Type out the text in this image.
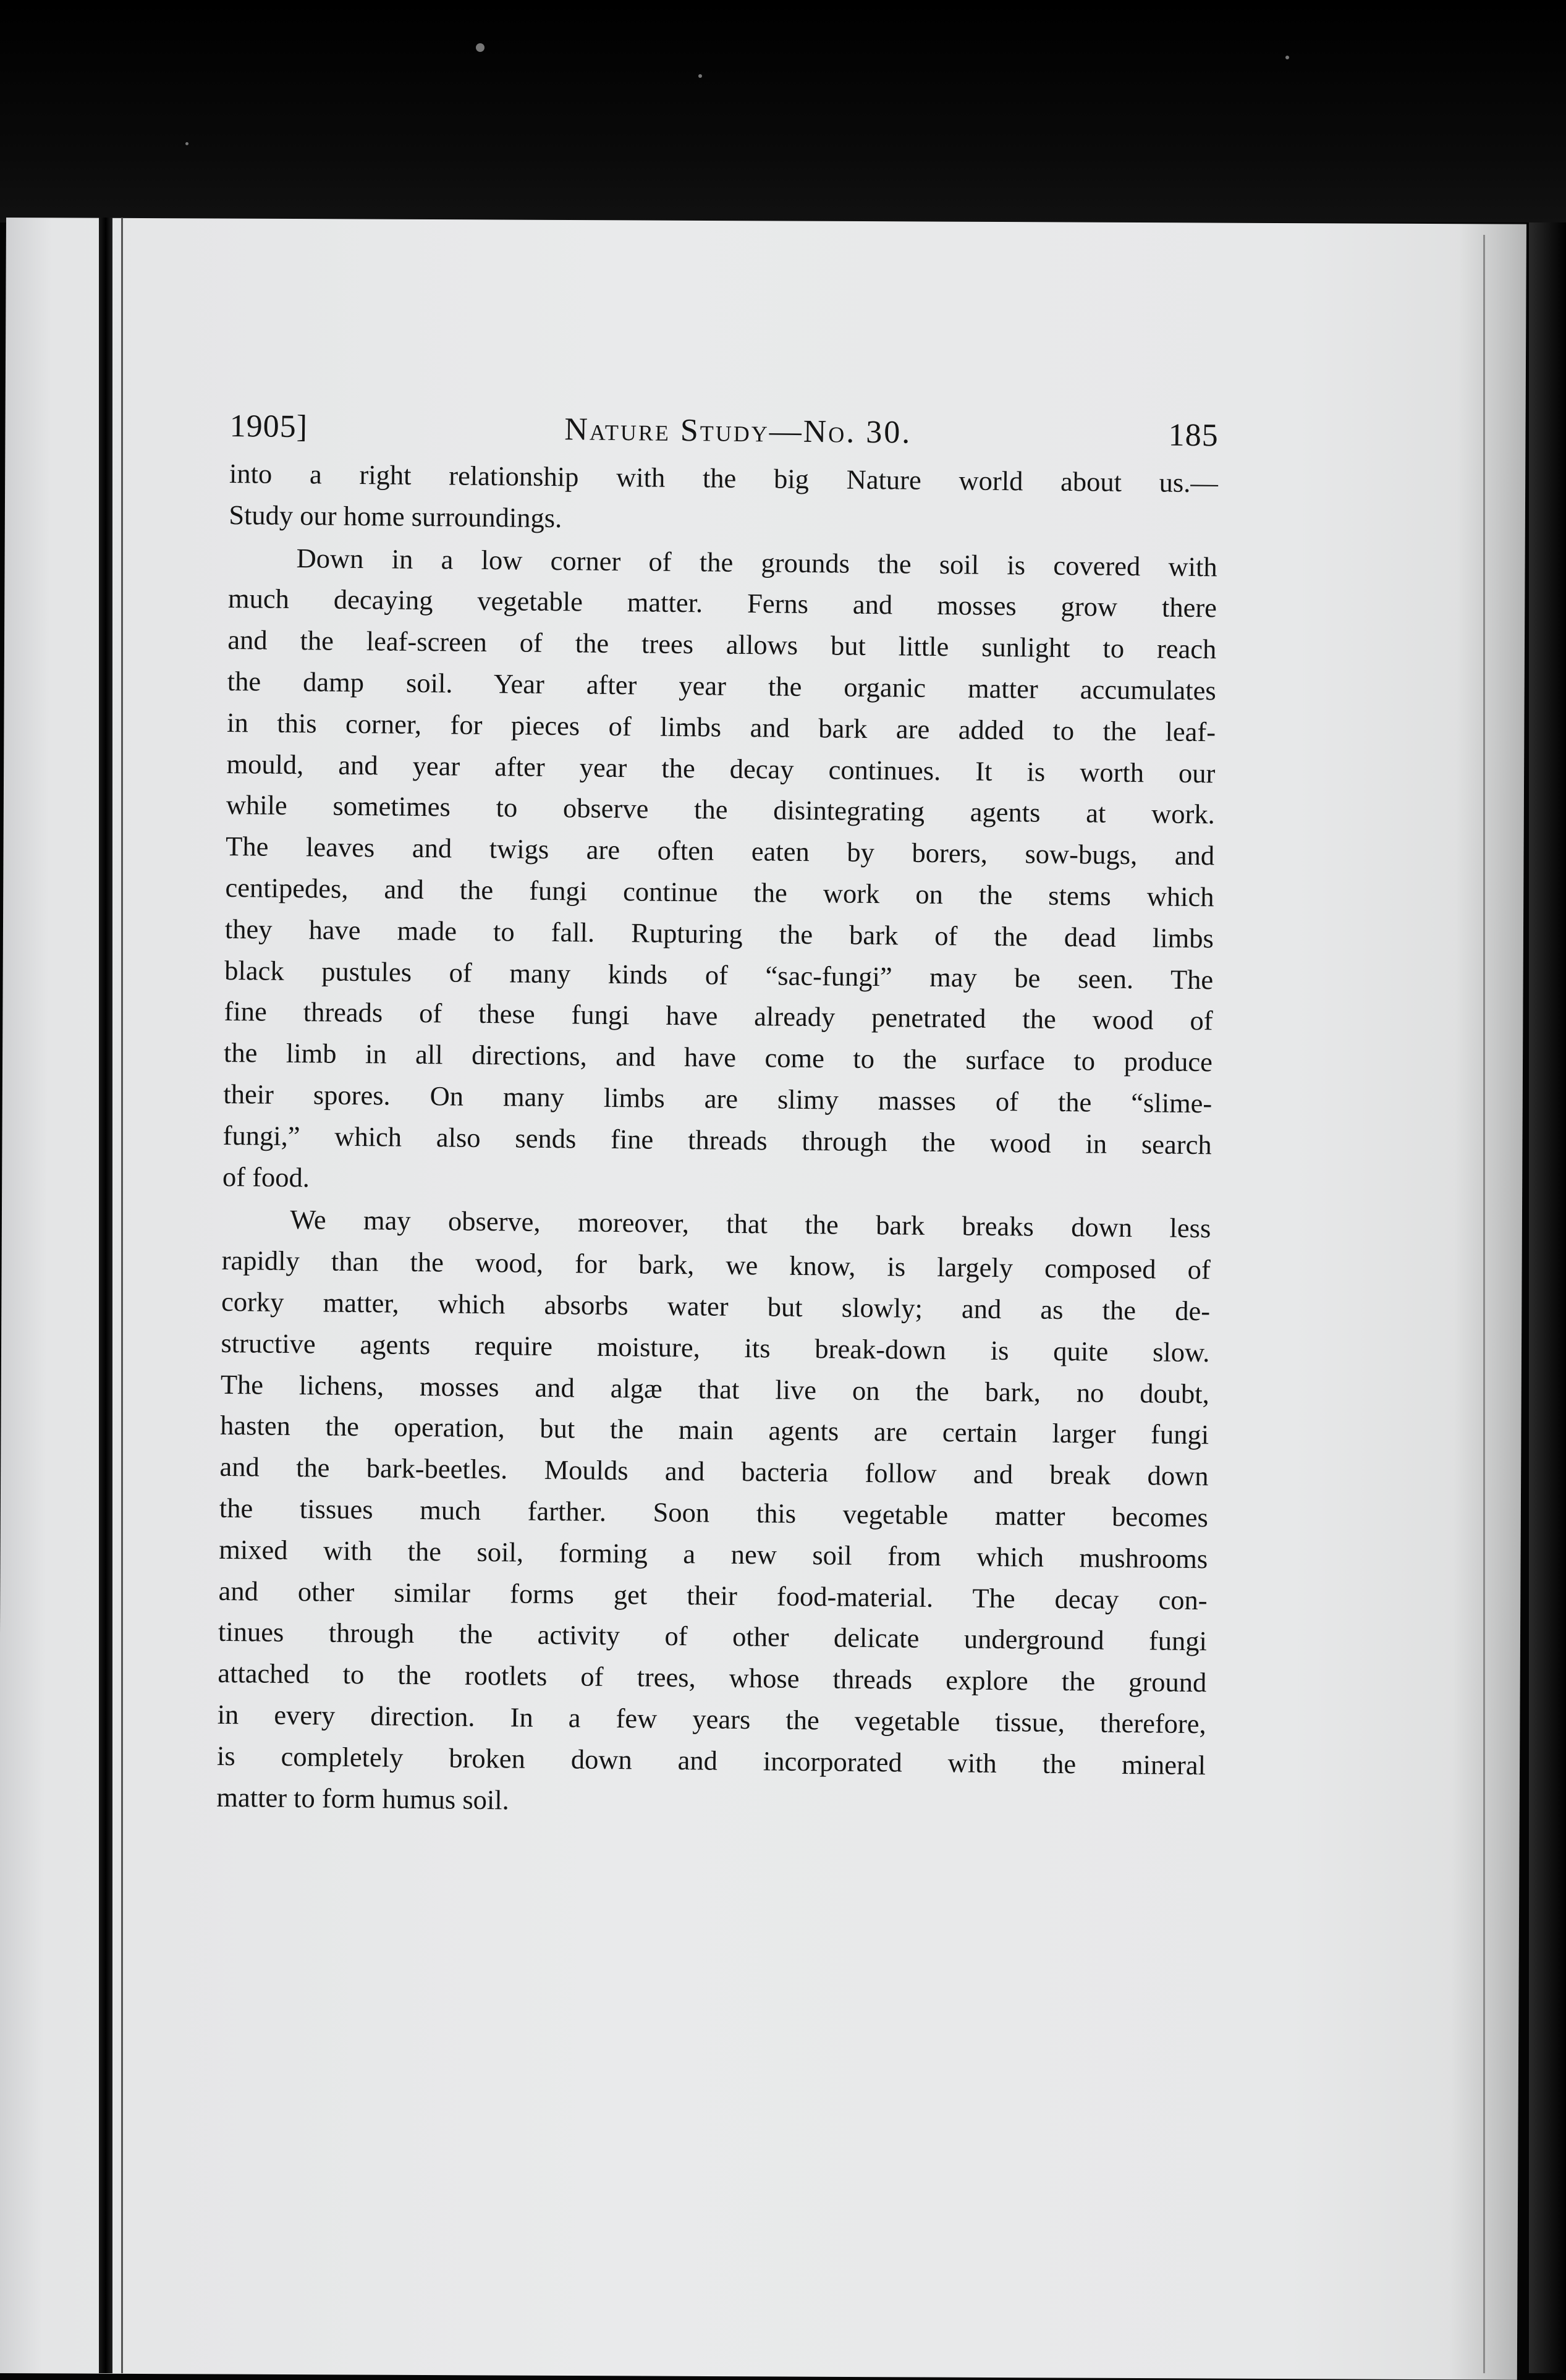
1905]	Nature Study—No. 30.	185
into a right relationship with the big Nature world about us.—
Study our home surroundings.
Down in a low corner of the grounds the soil is covered with
much decaying vegetable matter. Ferns and mosses grow there
and the leaf-screen of the trees allows but little sunlight to reach
the damp soil. Year after year the organic matter accumulates
in this corner, for pieces of limbs and bark are added to the leaf-
mould, and year after year the decay continues. It is worth our
while sometimes to observe the disintegrating agents at work.
The leaves and twigs are often eaten by borers, sow-bugs, and
centipedes, and the fungi continue the work on the stems which
they have made to fall. Rupturing the bark of the dead limbs
black pustules of many kinds of “sac-fungi” may be seen. The
fine threads of these fungi have already penetrated the wood of
the limb in all directions, and have come to the surface to produce
their spores. On many limbs are slimy masses of the “slime-
fungi,” which also sends fine threads through the wood in search
of food.
We may observe, moreover, that the bark breaks down less
rapidly than the wood, for bark, we know, is largely composed of
corky matter, which absorbs water but slowly; and as the de-
structive agents require moisture, its break-down is quite slow.
The lichens, mosses and algæ that live on the bark, no doubt,
hasten the operation, but the main agents are certain larger fungi
and the bark-beetles. Moulds and bacteria follow and break down
the tissues much farther. Soon this vegetable matter becomes
mixed with the soil, forming a new soil from which mushrooms
and other similar forms get their food-material. The decay con-
tinues through the activity of other delicate underground fungi
attached to the rootlets of trees, whose threads explore the ground
in every direction. In a few years the vegetable tissue, therefore,
is completely broken down and incorporated with the mineral
matter to form humus soil.
